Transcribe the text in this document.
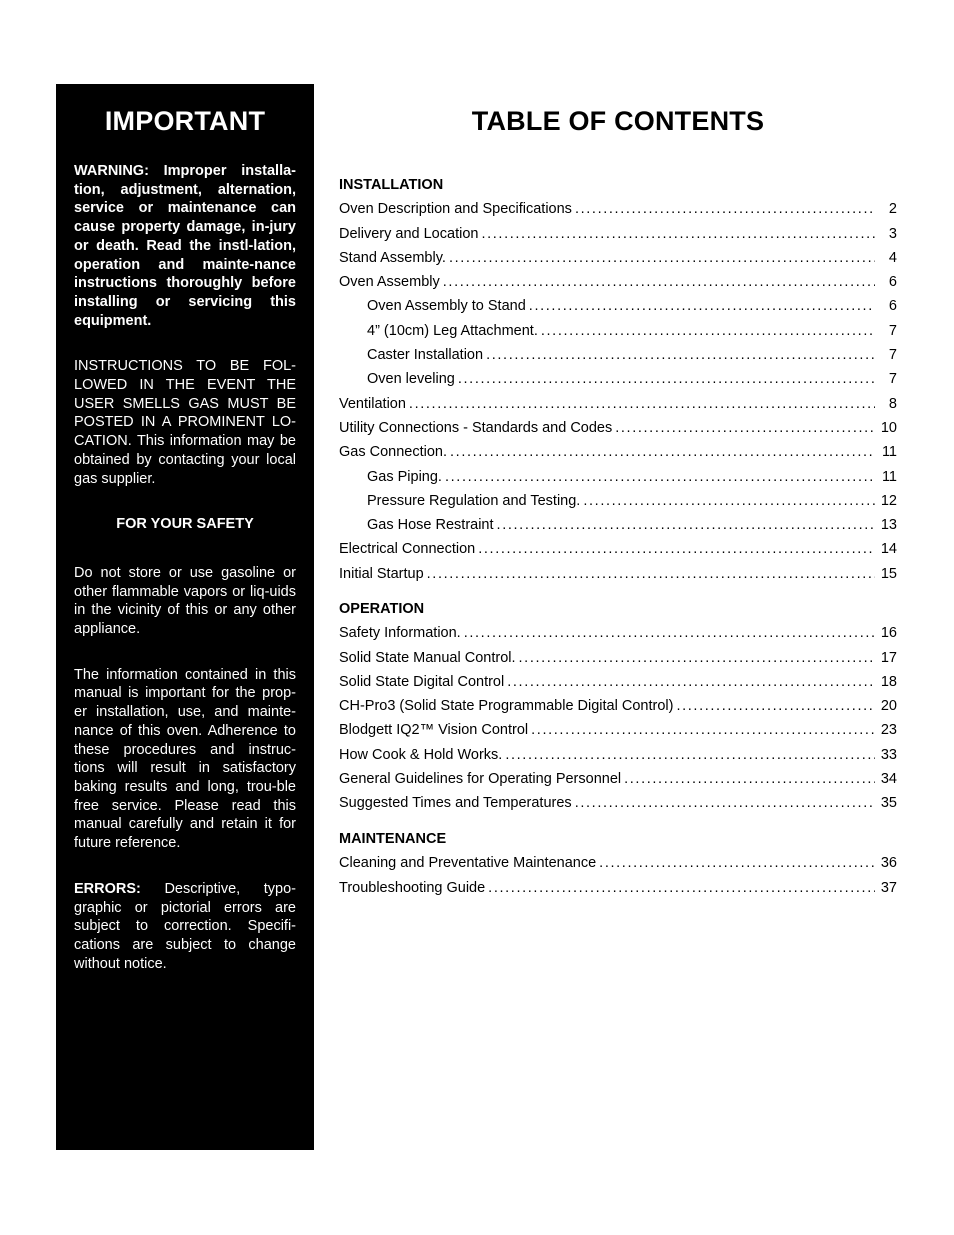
IMPORTANT

WARNING: Improper installa-tion, adjustment, alternation, service or maintenance can cause property damage, in-jury or death. Read the instl-lation, operation and mainte-nance instructions thoroughly before installing or servicing this equipment.

INSTRUCTIONS TO BE FOL-LOWED IN THE EVENT THE USER SMELLS GAS MUST BE POSTED IN A PROMINENT LO-CATION. This information may be obtained by contacting your local gas supplier.

FOR YOUR SAFETY

Do not store or use gasoline or other flammable vapors or liq-uids in the vicinity of this or any other appliance.

The information contained in this manual is important for the prop-er installation, use, and mainte-nance of this oven. Adherence to these procedures and instruc-tions will result in satisfactory baking results and long, trou-ble free service. Please read this manual carefully and retain it for future reference.

ERRORS: Descriptive, typo-graphic or pictorial errors are subject to correction. Specifi-cations are subject to change without notice.

TABLE OF CONTENTS
INSTALLATION
Oven Description and Specifications . . .	2
Delivery and Location . . .	3
Stand Assembly. . . .	4
Oven Assembly . . .	6
Oven Assembly to Stand . . .	6
4” (10cm) Leg Attachment. . . .	7
Caster Installation . . .	7
Oven leveling . . .	7
Ventilation . . .	8
Utility Connections - Standards and Codes . . .	10
Gas Connection. . . .	11
Gas Piping. . . .	11
Pressure Regulation and Testing. . . .	12
Gas Hose Restraint . . .	13
Electrical Connection . . .	14
Initial Startup . . .	15
OPERATION
Safety Information. . . .	16
Solid State Manual Control. . . .	17
Solid State Digital Control . . .	18
CH-Pro3 (Solid State Programmable Digital Control) . . .	20
Blodgett IQ2™ Vision Control . . .	23
How Cook & Hold Works. . . .	33
General Guidelines for Operating Personnel . . .	34
Suggested Times and Temperatures . . .	35
MAINTENANCE
Cleaning and Preventative Maintenance . . .	36
Troubleshooting Guide . . .	37
